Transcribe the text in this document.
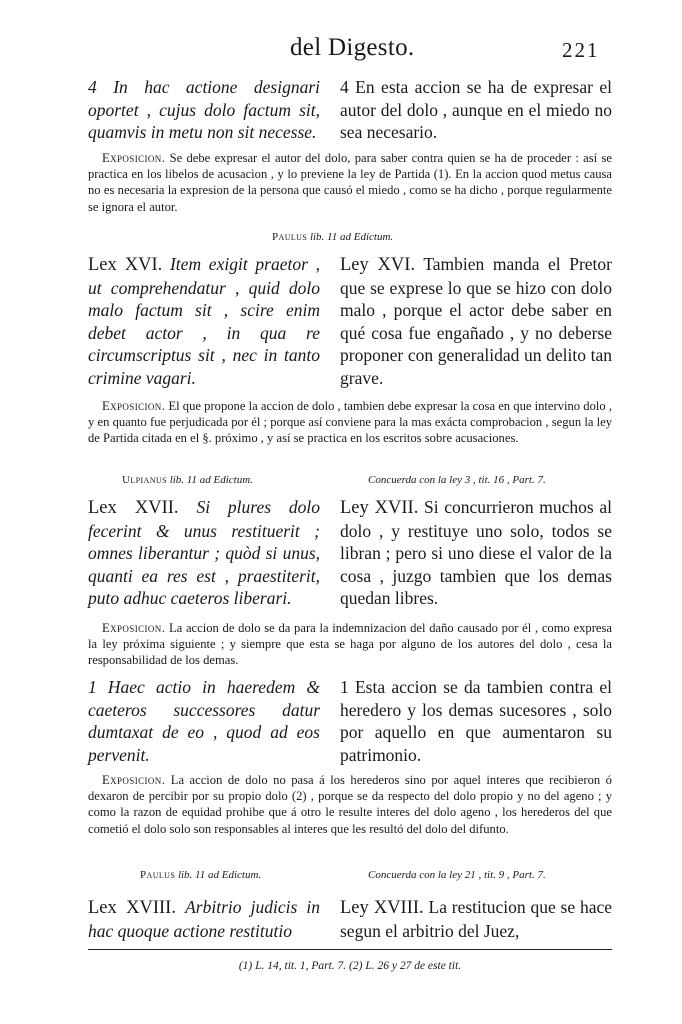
del Digesto.	221

4 In hac actione designari oportet , cujus dolo factum sit, quamvis in metu non sit necesse.

4 En esta accion se ha de expresar el autor del dolo , aunque en el miedo no sea necesario.

Exposicion. Se debe expresar el autor del dolo, para saber contra quien se ha de proceder : así se practica en los libelos de acusacion , y lo previene la ley de Partida (1). En la accion quod metus causa no es necesaria la expresion de la persona que causó el miedo , como se ha dicho , porque regularmente se ignora el autor.

Paulus lib. 11 ad Edictum.

Lex XVI. Item exigit praetor , ut comprehendatur , quid dolo malo factum sit , scire enim debet actor , in qua re circumscriptus sit , nec in tanto crimine vagari.

Ley XVI. Tambien manda el Pretor que se exprese lo que se hizo con dolo malo , porque el actor debe saber en qué cosa fue engañado , y no deberse proponer con generalidad un delito tan grave.

Exposicion. El que propone la accion de dolo , tambien debe expresar la cosa en que intervino dolo , y en quanto fue perjudicada por él ; porque así conviene para la mas exácta comprobacion , segun la ley de Partida citada en el §. próximo , y así se practica en los escritos sobre acusaciones.

Ulpianus lib. 11 ad Edictum.	Concuerda con la ley 3 , tit. 16 , Part. 7.

Lex XVII. Si plures dolo fecerint & unus restituerit ; omnes liberantur ; quòd si unus, quanti ea res est , praestiterit, puto adhuc caeteros liberari.

Ley XVII. Si concurrieron muchos al dolo , y restituye uno solo, todos se libran ; pero si uno diese el valor de la cosa , juzgo tambien que los demas quedan libres.

Exposicion. La accion de dolo se da para la indemnizacion del daño causado por él , como expresa la ley próxima siguiente ; y siempre que esta se haga por alguno de los autores del dolo , cesa la responsabilidad de los demas.

1 Haec actio in haeredem & caeteros successores datur dumtaxat de eo , quod ad eos pervenit.

1 Esta accion se da tambien contra el heredero y los demas sucesores , solo por aquello en que aumentaron su patrimonio.

Exposicion. La accion de dolo no pasa á los herederos sino por aquel interes que recibieron ó dexaron de percibir por su propio dolo (2) , porque se da respecto del dolo propio y no del ageno ; y como la razon de equidad prohibe que á otro le resulte interes del dolo ageno , los herederos del que cometió el dolo solo son responsables al interes que les resultó del dolo del difunto.

Paulus lib. 11 ad Edictum.	Concuerda con la ley 21 , tit. 9 , Part. 7.

Lex XVIII. Arbitrio judicis in hac quoque actione restitutio

Ley XVIII. La restitucion que se hace segun el arbitrio del Juez,

(1) L. 14, tit. 1, Part. 7. (2) L. 26 y 27 de este tit.
